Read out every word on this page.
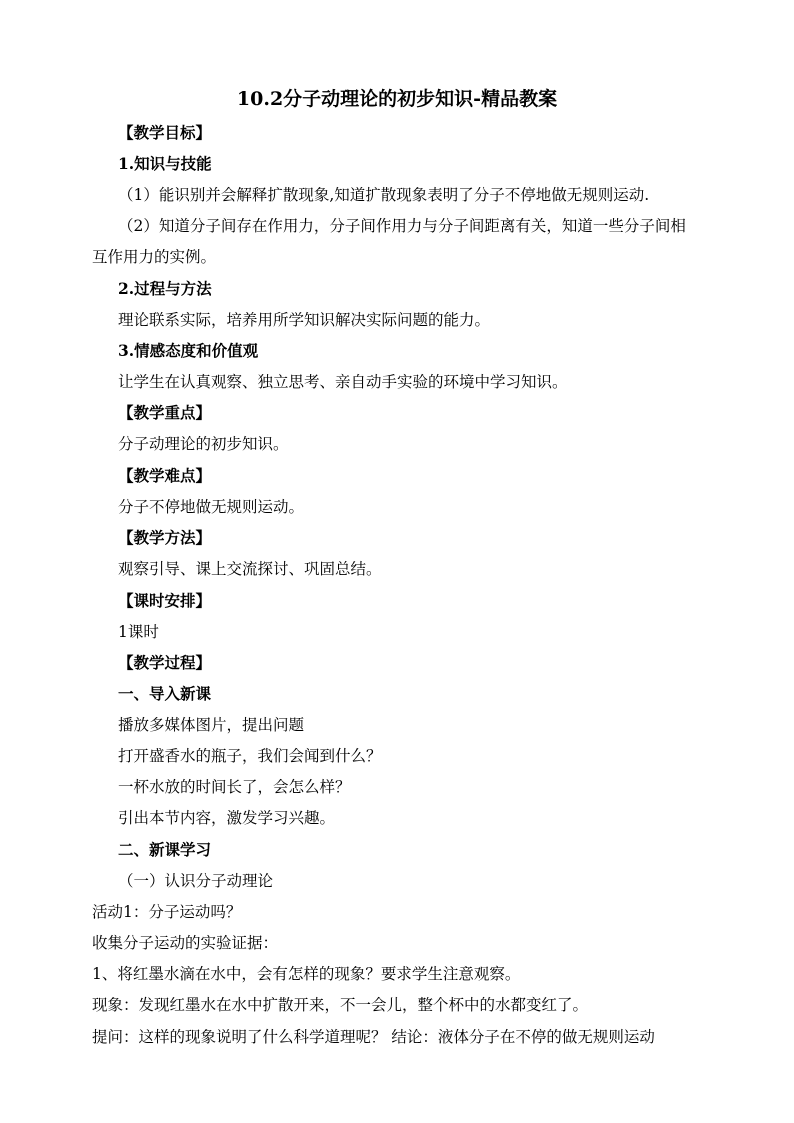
10.2分子动理论的初步知识-精品教案
【教学目标】
1.知识与技能
（1）能识别并会解释扩散现象,知道扩散现象表明了分子不停地做无规则运动.
（2）知道分子间存在作用力，分子间作用力与分子间距离有关，知道一些分子间相
互作用力的实例。
2.过程与方法
理论联系实际，培养用所学知识解决实际问题的能力。
3.情感态度和价值观
让学生在认真观察、独立思考、亲自动手实验的环境中学习知识。
【教学重点】
分子动理论的初步知识。
【教学难点】
分子不停地做无规则运动。
【教学方法】
观察引导、课上交流探讨、巩固总结。
【课时安排】
1课时
【教学过程】
一、导入新课
播放多媒体图片，提出问题
打开盛香水的瓶子，我们会闻到什么？
一杯水放的时间长了，会怎么样？
引出本节内容，激发学习兴趣。
二、新课学习
（一）认识分子动理论
活动1：分子运动吗？
收集分子运动的实验证据：
1、将红墨水滴在水中，会有怎样的现象？要求学生注意观察。
现象：发现红墨水在水中扩散开来，不一会儿，整个杯中的水都变红了。
提问：这样的现象说明了什么科学道理呢？ 结论：液体分子在不停的做无规则运动
